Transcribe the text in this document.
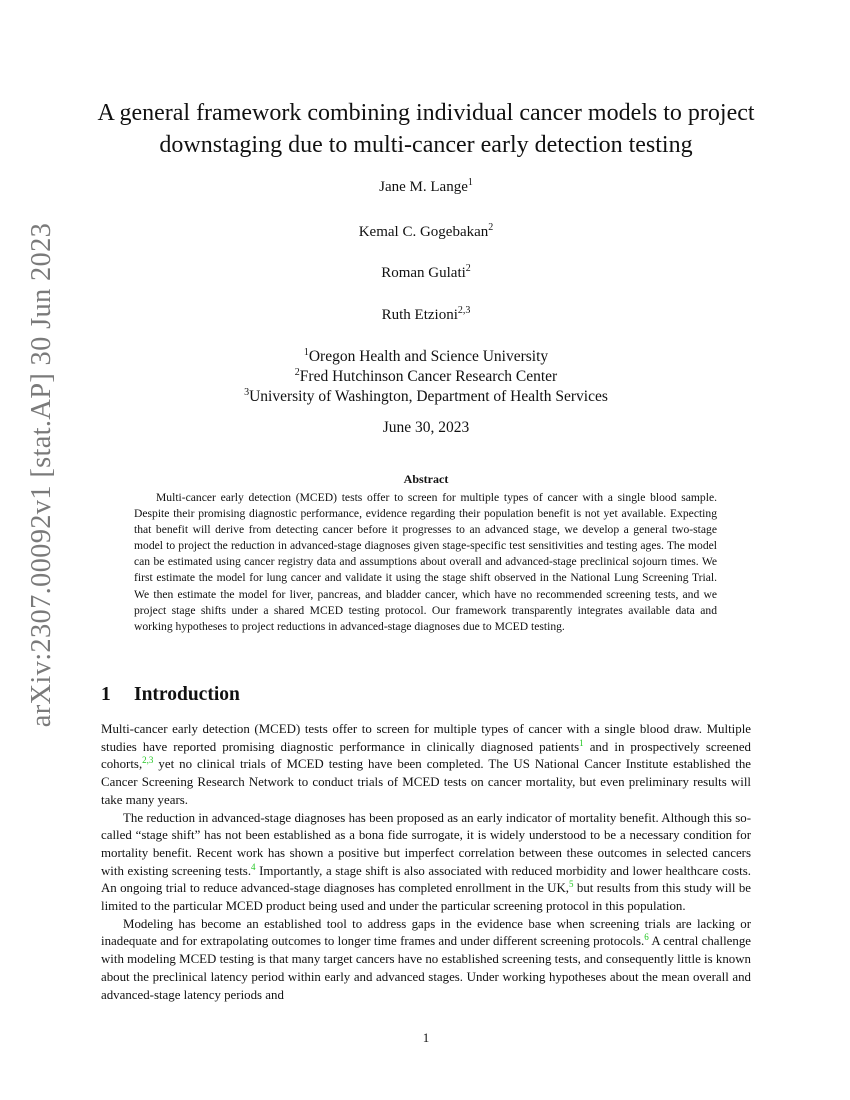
arXiv:2307.00092v1 [stat.AP] 30 Jun 2023
A general framework combining individual cancer models to project downstaging due to multi-cancer early detection testing
Jane M. Lange$^1$
Kemal C. Gogebakan$^2$
Roman Gulati$^2$
Ruth Etzioni$^{2,3}$
$^1$Oregon Health and Science University
$^2$Fred Hutchinson Cancer Research Center
$^3$University of Washington, Department of Health Services
June 30, 2023
Abstract

Multi-cancer early detection (MCED) tests offer to screen for multiple types of cancer with a single blood sample. Despite their promising diagnostic performance, evidence regarding their population benefit is not yet available. Expecting that benefit will derive from detecting cancer before it progresses to an advanced stage, we develop a general two-stage model to project the reduction in advanced-stage diagnoses given stage-specific test sensitivities and testing ages. The model can be estimated using cancer registry data and assumptions about overall and advanced-stage preclinical sojourn times. We first estimate the model for lung cancer and validate it using the stage shift observed in the National Lung Screening Trial. We then estimate the model for liver, pancreas, and bladder cancer, which have no recommended screening tests, and we project stage shifts under a shared MCED testing protocol. Our framework transparently integrates available data and working hypotheses to project reductions in advanced-stage diagnoses due to MCED testing.

1 Introduction

Multi-cancer early detection (MCED) tests offer to screen for multiple types of cancer with a single blood draw. Multiple studies have reported promising diagnostic performance in clinically diagnosed patients$^1$ and in prospectively screened cohorts,$^{2,3}$ yet no clinical trials of MCED testing have been completed. The US National Cancer Institute established the Cancer Screening Research Network to conduct trials of MCED tests on cancer mortality, but even preliminary results will take many years.

The reduction in advanced-stage diagnoses has been proposed as an early indicator of mortality benefit. Although this so-called “stage shift” has not been established as a bona fide surrogate, it is widely understood to be a necessary condition for mortality benefit. Recent work has shown a positive but imperfect correlation between these outcomes in selected cancers with existing screening tests.$^4$ Importantly, a stage shift is also associated with reduced morbidity and lower healthcare costs. An ongoing trial to reduce advanced-stage diagnoses has completed enrollment in the UK,$^5$ but results from this study will be limited to the particular MCED product being used and under the particular screening protocol in this population.

Modeling has become an established tool to address gaps in the evidence base when screening trials are lacking or inadequate and for extrapolating outcomes to longer time frames and under different screening protocols.$^6$ A central challenge with modeling MCED testing is that many target cancers have no established screening tests, and consequently little is known about the preclinical latency period within early and advanced stages. Under working hypotheses about the mean overall and advanced-stage latency periods and

1
